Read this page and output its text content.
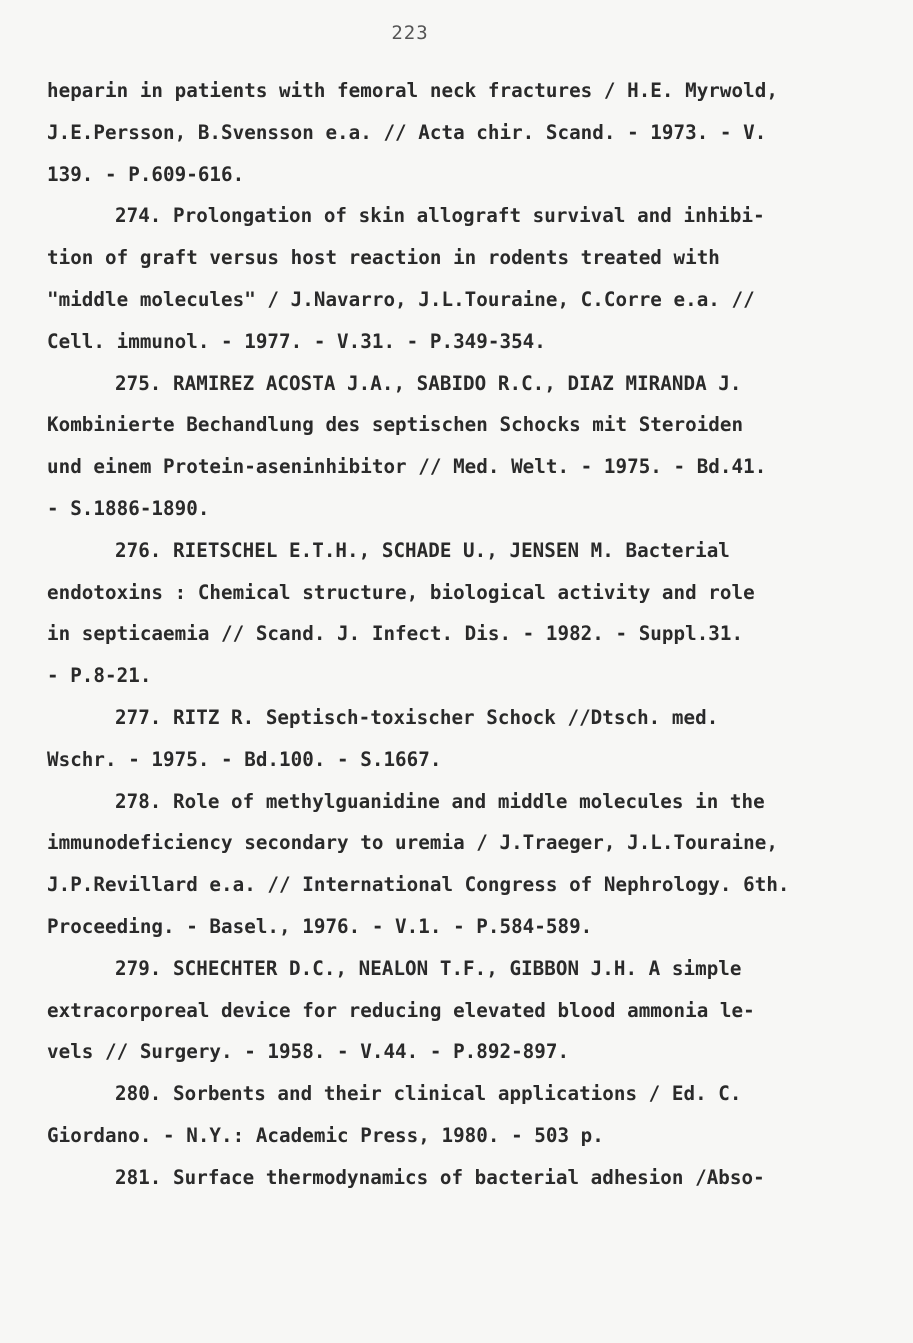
223
heparin in patients with femoral neck fractures / H.E. Myrwold,
J.E.Persson, B.Svensson e.a. // Acta chir. Scand. - 1973. - V.
139. - P.609-616.
274. Prolongation of skin allograft survival and inhibi-
tion of graft versus host reaction in rodents treated with
"middle molecules" / J.Navarro, J.L.Touraine, C.Corre e.a. //
Cell. immunol. - 1977. - V.31. - P.349-354.
275. RAMIREZ ACOSTA J.A., SABIDO R.C., DIAZ MIRANDA J.
Kombinierte Bechandlung des septischen Schocks mit Steroiden
und einem Protein-aseninhibitor // Med. Welt. - 1975. - Bd.41.
- S.1886-1890.
276. RIETSCHEL E.T.H., SCHADE U., JENSEN M. Bacterial
endotoxins : Chemical structure, biological activity and role
in septicaemia // Scand. J. Infect. Dis. - 1982. - Suppl.31.
- P.8-21.
277. RITZ R. Septisch-toxischer Schock //Dtsch. med.
Wschr. - 1975. - Bd.100. - S.1667.
278. Role of methylguanidine and middle molecules in the
immunodeficiency secondary to uremia / J.Traeger, J.L.Touraine,
J.P.Revillard e.a. // International Congress of Nephrology. 6th.
Proceeding. - Basel., 1976. - V.1. - P.584-589.
279. SCHECHTER D.C., NEALON T.F., GIBBON J.H. A simple
extracorporeal device for reducing elevated blood ammonia le-
vels // Surgery. - 1958. - V.44. - P.892-897.
280. Sorbents and their clinical applications / Ed. C.
Giordano. - N.Y.: Academic Press, 1980. - 503 p.
281. Surface thermodynamics of bacterial adhesion /Abso-
